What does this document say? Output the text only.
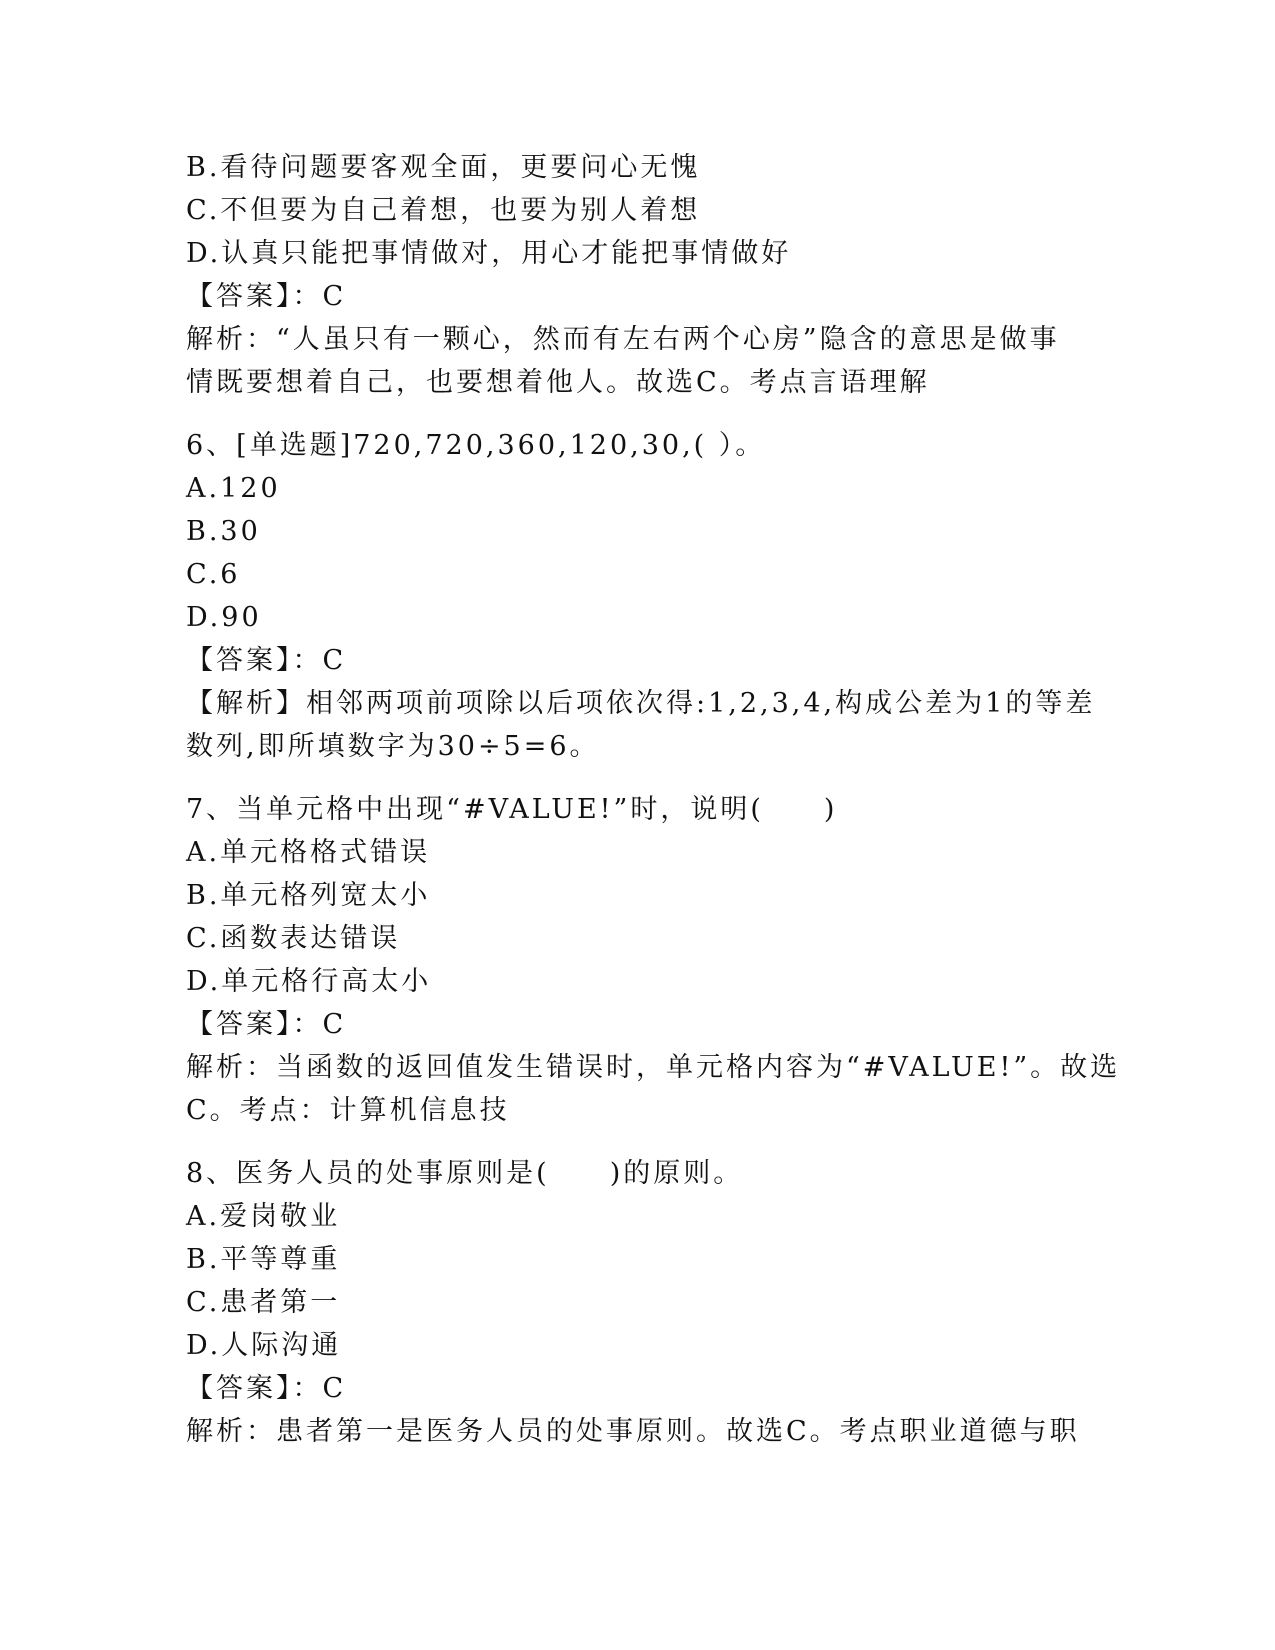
B.看待问题要客观全面，更要问心无愧
C.不但要为自己着想，也要为别人着想
D.认真只能把事情做对，用心才能把事情做好
【答案】：C
解析：“人虽只有一颗心，然而有左右两个心房”隐含的意思是做事
情既要想着自己，也要想着他人。故选C。考点言语理解
6、[单选题]720,720,360,120,30,( ）。
A.120
B.30
C.6
D.90
【答案】：C
【解析】相邻两项前项除以后项依次得:1,2,3,4,构成公差为1的等差
数列,即所填数字为30÷5=6。
7、当单元格中出现“#VALUE!”时，说明(　　)
A.单元格格式错误
B.单元格列宽太小
C.函数表达错误
D.单元格行高太小
【答案】：C
解析：当函数的返回值发生错误时，单元格内容为“#VALUE!”。故选
C。考点：计算机信息技
8、医务人员的处事原则是(　　)的原则。
A.爱岗敬业
B.平等尊重
C.患者第一
D.人际沟通
【答案】：C
解析：患者第一是医务人员的处事原则。故选C。考点职业道德与职
